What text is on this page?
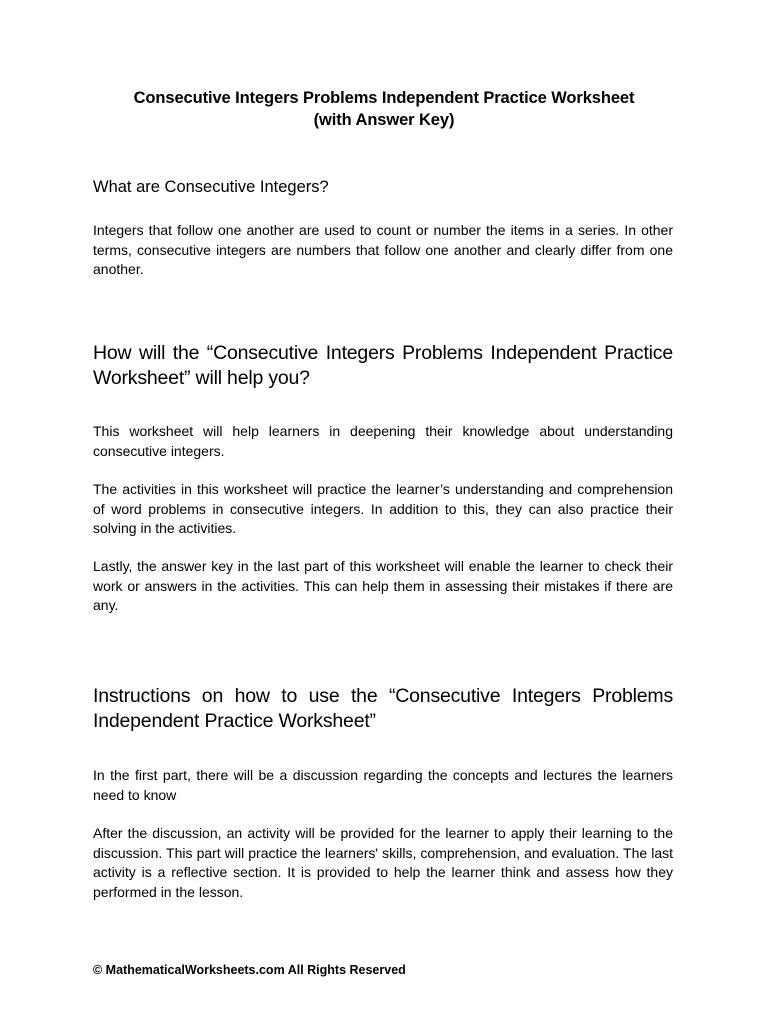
Consecutive Integers Problems Independent Practice Worksheet
(with Answer Key)
What are Consecutive Integers?
Integers that follow one another are used to count or number the items in a series. In other terms, consecutive integers are numbers that follow one another and clearly differ from one another.
How will the “Consecutive Integers Problems Independent Practice Worksheet” will help you?
This worksheet will help learners in deepening their knowledge about understanding consecutive integers.
The activities in this worksheet will practice the learner’s understanding and comprehension of word problems in consecutive integers. In addition to this, they can also practice their solving in the activities.
Lastly, the answer key in the last part of this worksheet will enable the learner to check their work or answers in the activities. This can help them in assessing their mistakes if there are any.
Instructions on how to use the “Consecutive Integers Problems Independent Practice Worksheet”
In the first part, there will be a discussion regarding the concepts and lectures the learners need to know
After the discussion, an activity will be provided for the learner to apply their learning to the discussion. This part will practice the learners' skills, comprehension, and evaluation. The last activity is a reflective section. It is provided to help the learner think and assess how they performed in the lesson.
© MathematicalWorksheets.com All Rights Reserved
